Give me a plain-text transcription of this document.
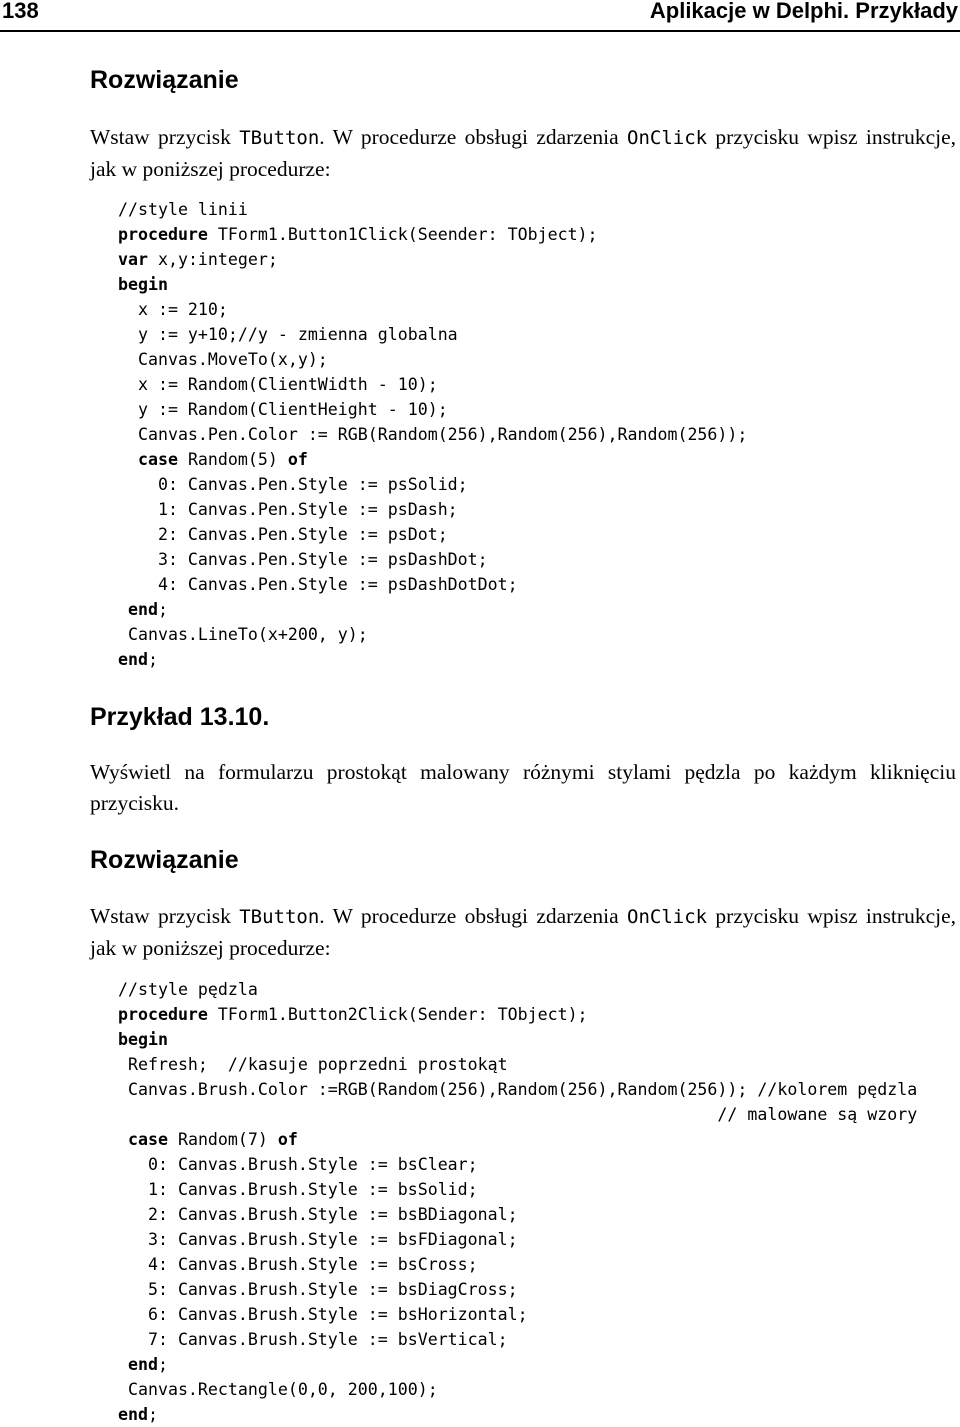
138	Aplikacje w Delphi. Przykłady
Rozwiązanie

Wstaw przycisk TButton. W procedurze obsługi zdarzenia OnClick przycisku wpisz instrukcje, jak w poniższej procedurze:

//style linii
procedure TForm1.Button1Click(Seender: TObject);
var x,y:integer;
begin
x := 210;
y := y+10;//y - zmienna globalna
Canvas.MoveTo(x,y);
x := Random(ClientWidth - 10);
y := Random(ClientHeight - 10);
Canvas.Pen.Color := RGB(Random(256),Random(256),Random(256));
case Random(5) of
0: Canvas.Pen.Style := psSolid;
1: Canvas.Pen.Style := psDash;
2: Canvas.Pen.Style := psDot;
3: Canvas.Pen.Style := psDashDot;
4: Canvas.Pen.Style := psDashDotDot;
end;
Canvas.LineTo(x+200, y);
end;
Przykład 13.10.

Wyświetl na formularzu prostokąt malowany różnymi stylami pędzla po każdym kliknięciu przycisku.

Rozwiązanie

Wstaw przycisk TButton. W procedurze obsługi zdarzenia OnClick przycisku wpisz instrukcje, jak w poniższej procedurze:

//style pędzla
procedure TForm1.Button2Click(Sender: TObject);
begin
Refresh;  //kasuje poprzedni prostokąt
Canvas.Brush.Color :=RGB(Random(256),Random(256),Random(256)); //kolorem pędzla
// malowane są wzory
case Random(7) of
0: Canvas.Brush.Style := bsClear;
1: Canvas.Brush.Style := bsSolid;
2: Canvas.Brush.Style := bsBDiagonal;
3: Canvas.Brush.Style := bsFDiagonal;
4: Canvas.Brush.Style := bsCross;
5: Canvas.Brush.Style := bsDiagCross;
6: Canvas.Brush.Style := bsHorizontal;
7: Canvas.Brush.Style := bsVertical;
end;
Canvas.Rectangle(0,0, 200,100);
end;
